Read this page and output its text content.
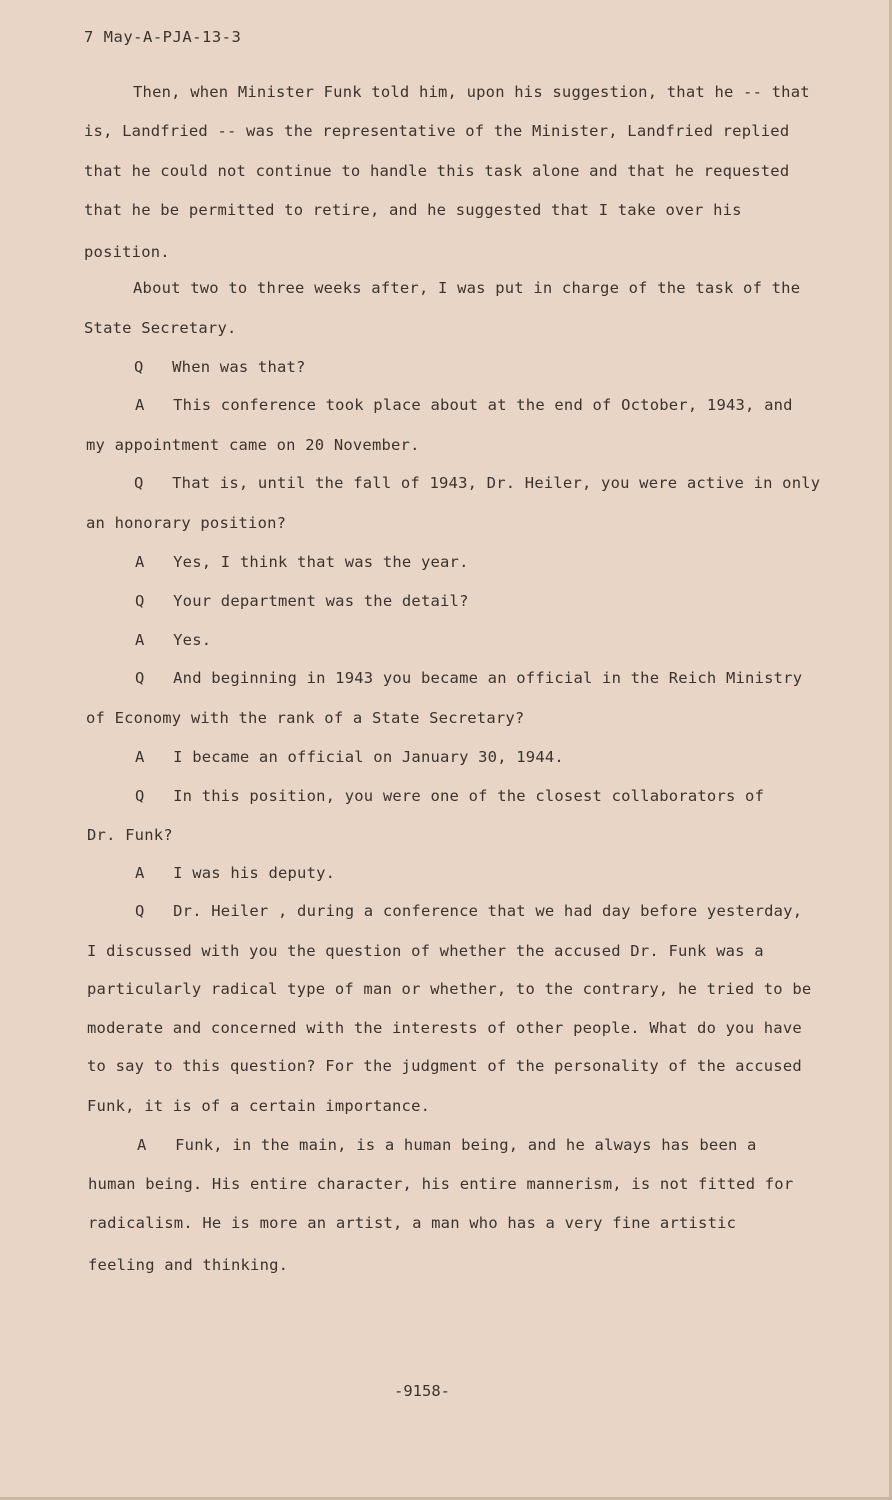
7 May-A-PJA-13-3
Then, when Minister Funk told him, upon his suggestion, that he -- that
is, Landfried -- was the representative of the Minister, Landfried replied
that he could not continue to handle this task alone and that he requested
that he be permitted to retire, and he suggested that I take over his
position.
About two to three weeks after, I was put in charge of the task of the
State Secretary.
Q   When was that?
A   This conference took place about at the end of October, 1943, and
my appointment came on 20 November.
Q   That is, until the fall of 1943, Dr. Heiler, you were active in only
an honorary position?
A   Yes, I think that was the year.
Q   Your department was the detail?
A   Yes.
Q   And beginning in 1943 you became an official in the Reich Ministry
of Economy with the rank of a State Secretary?
A   I became an official on January 30, 1944.
Q   In this position, you were one of the closest collaborators of
Dr. Funk?
A   I was his deputy.
Q   Dr. Heiler , during a conference that we had day before yesterday,
I discussed with you the question of whether the accused Dr. Funk was a
particularly radical type of man or whether, to the contrary, he tried to be
moderate and concerned with the interests of other people. What do you have
to say to this question? For the judgment of the personality of the accused
Funk, it is of a certain importance.
A   Funk, in the main, is a human being, and he always has been a
human being. His entire character, his entire mannerism, is not fitted for
radicalism. He is more an artist, a man who has a very fine artistic
feeling and thinking.
-9158-
